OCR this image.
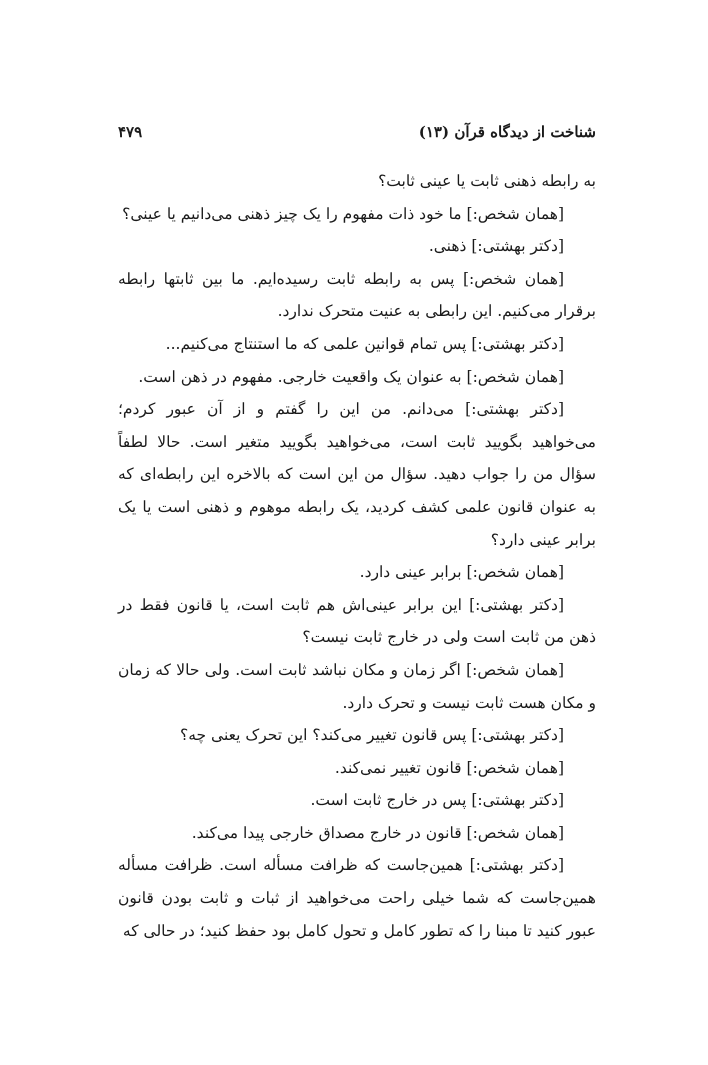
شناخت از دیدگاه قرآن (۱۳)
۴۷۹

به رابطه ذهنی ثابت یا عینی ثابت؟

[همان شخص:] ما خود ذات مفهوم را یک چیز ذهنی می‌دانیم یا عینی؟

[دکتر بهشتی:] ذهنی.

[همان شخص:] پس به رابطه ثابت رسیده‌ایم. ما بین ثابتها رابطه برقرار می‌کنیم. این رابطی به عنیت متحرک ندارد.

[دکتر بهشتی:] پس تمام قوانین علمی که ما استنتاج می‌کنیم...

[همان شخص:] به عنوان یک واقعیت خارجی. مفهوم در ذهن است.

[دکتر بهشتی:] می‌دانم. من این را گفتم و از آن عبور کردم؛ می‌خواهید بگویید ثابت است، می‌خواهید بگویید متغیر است. حالا لطفاً سؤال من را جواب دهید. سؤال من این است که بالاخره این رابطه‌ای که به عنوان قانون علمی کشف کردید، یک رابطه موهوم و ذهنی است یا یک برابر عینی دارد؟

[همان شخص:] برابر عینی دارد.

[دکتر بهشتی:] این برابر عینی‌اش هم ثابت است، یا قانون فقط در ذهن من ثابت است ولی در خارج ثابت نیست؟

[همان شخص:] اگر زمان و مکان نباشد ثابت است. ولی حالا که زمان و مکان هست ثابت نیست و تحرک دارد.

[دکتر بهشتی:] پس قانون تغییر می‌کند؟ این تحرک یعنی چه؟

[همان شخص:] قانون تغییر نمی‌کند.

[دکتر بهشتی:] پس در خارج ثابت است.

[همان شخص:] قانون در خارج مصداق خارجی پیدا می‌کند.

[دکتر بهشتی:] همین‌جاست که ظرافت مسأله است. ظرافت مسأله همین‌جاست که شما خیلی راحت می‌خواهید از ثبات و ثابت بودن قانون عبور کنید تا مبنا را که تطور کامل و تحول کامل بود حفظ کنید؛ در حالی که
